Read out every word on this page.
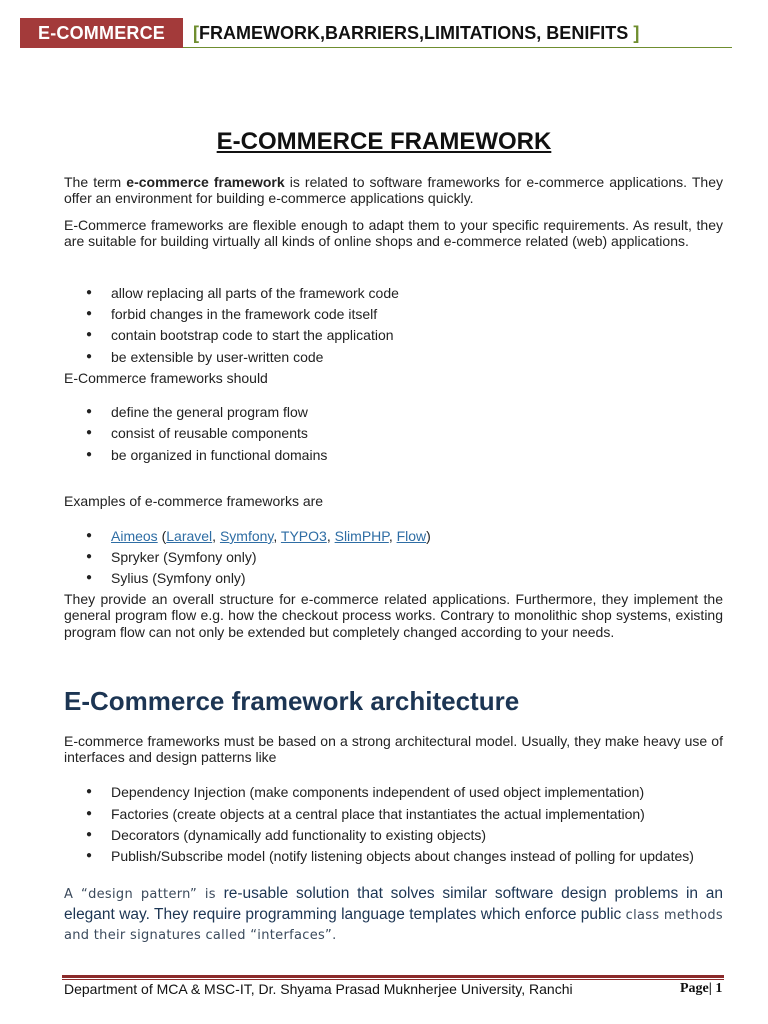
E-COMMERCE	[FRAMEWORK,BARRIERS,LIMITATIONS, BENIFITS ]
E-COMMERCE FRAMEWORK

The term e-commerce framework is related to software frameworks for e-commerce applications. They offer an environment for building e-commerce applications quickly.

E-Commerce frameworks are flexible enough to adapt them to your specific requirements. As result, they are suitable for building virtually all kinds of online shops and e-commerce related (web) applications.

● allow replacing all parts of the framework code
● forbid changes in the framework code itself
● contain bootstrap code to start the application
● be extensible by user-written code
E-Commerce frameworks should
● define the general program flow
● consist of reusable components
● be organized in functional domains
Examples of e-commerce frameworks are
● Aimeos (Laravel, Symfony, TYPO3, SlimPHP, Flow)
● Spryker (Symfony only)
● Sylius (Symfony only)

They provide an overall structure for e-commerce related applications. Furthermore, they implement the general program flow e.g. how the checkout process works. Contrary to monolithic shop systems, existing program flow can not only be extended but completely changed according to your needs.

E-Commerce framework architecture

E-commerce frameworks must be based on a strong architectural model. Usually, they make heavy use of interfaces and design patterns like

● Dependency Injection (make components independent of used object implementation)
● Factories (create objects at a central place that instantiates the actual implementation)
● Decorators (dynamically add functionality to existing objects)
● Publish/Subscribe model (notify listening objects about changes instead of polling for updates)

A “design pattern” is re-usable solution that solves similar software design problems in an elegant way. They require programming language templates which enforce public class methods and their signatures called “interfaces”.

Department of MCA & MSC-IT, Dr. Shyama Prasad Muknherjee University, Ranchi	Page| 1
